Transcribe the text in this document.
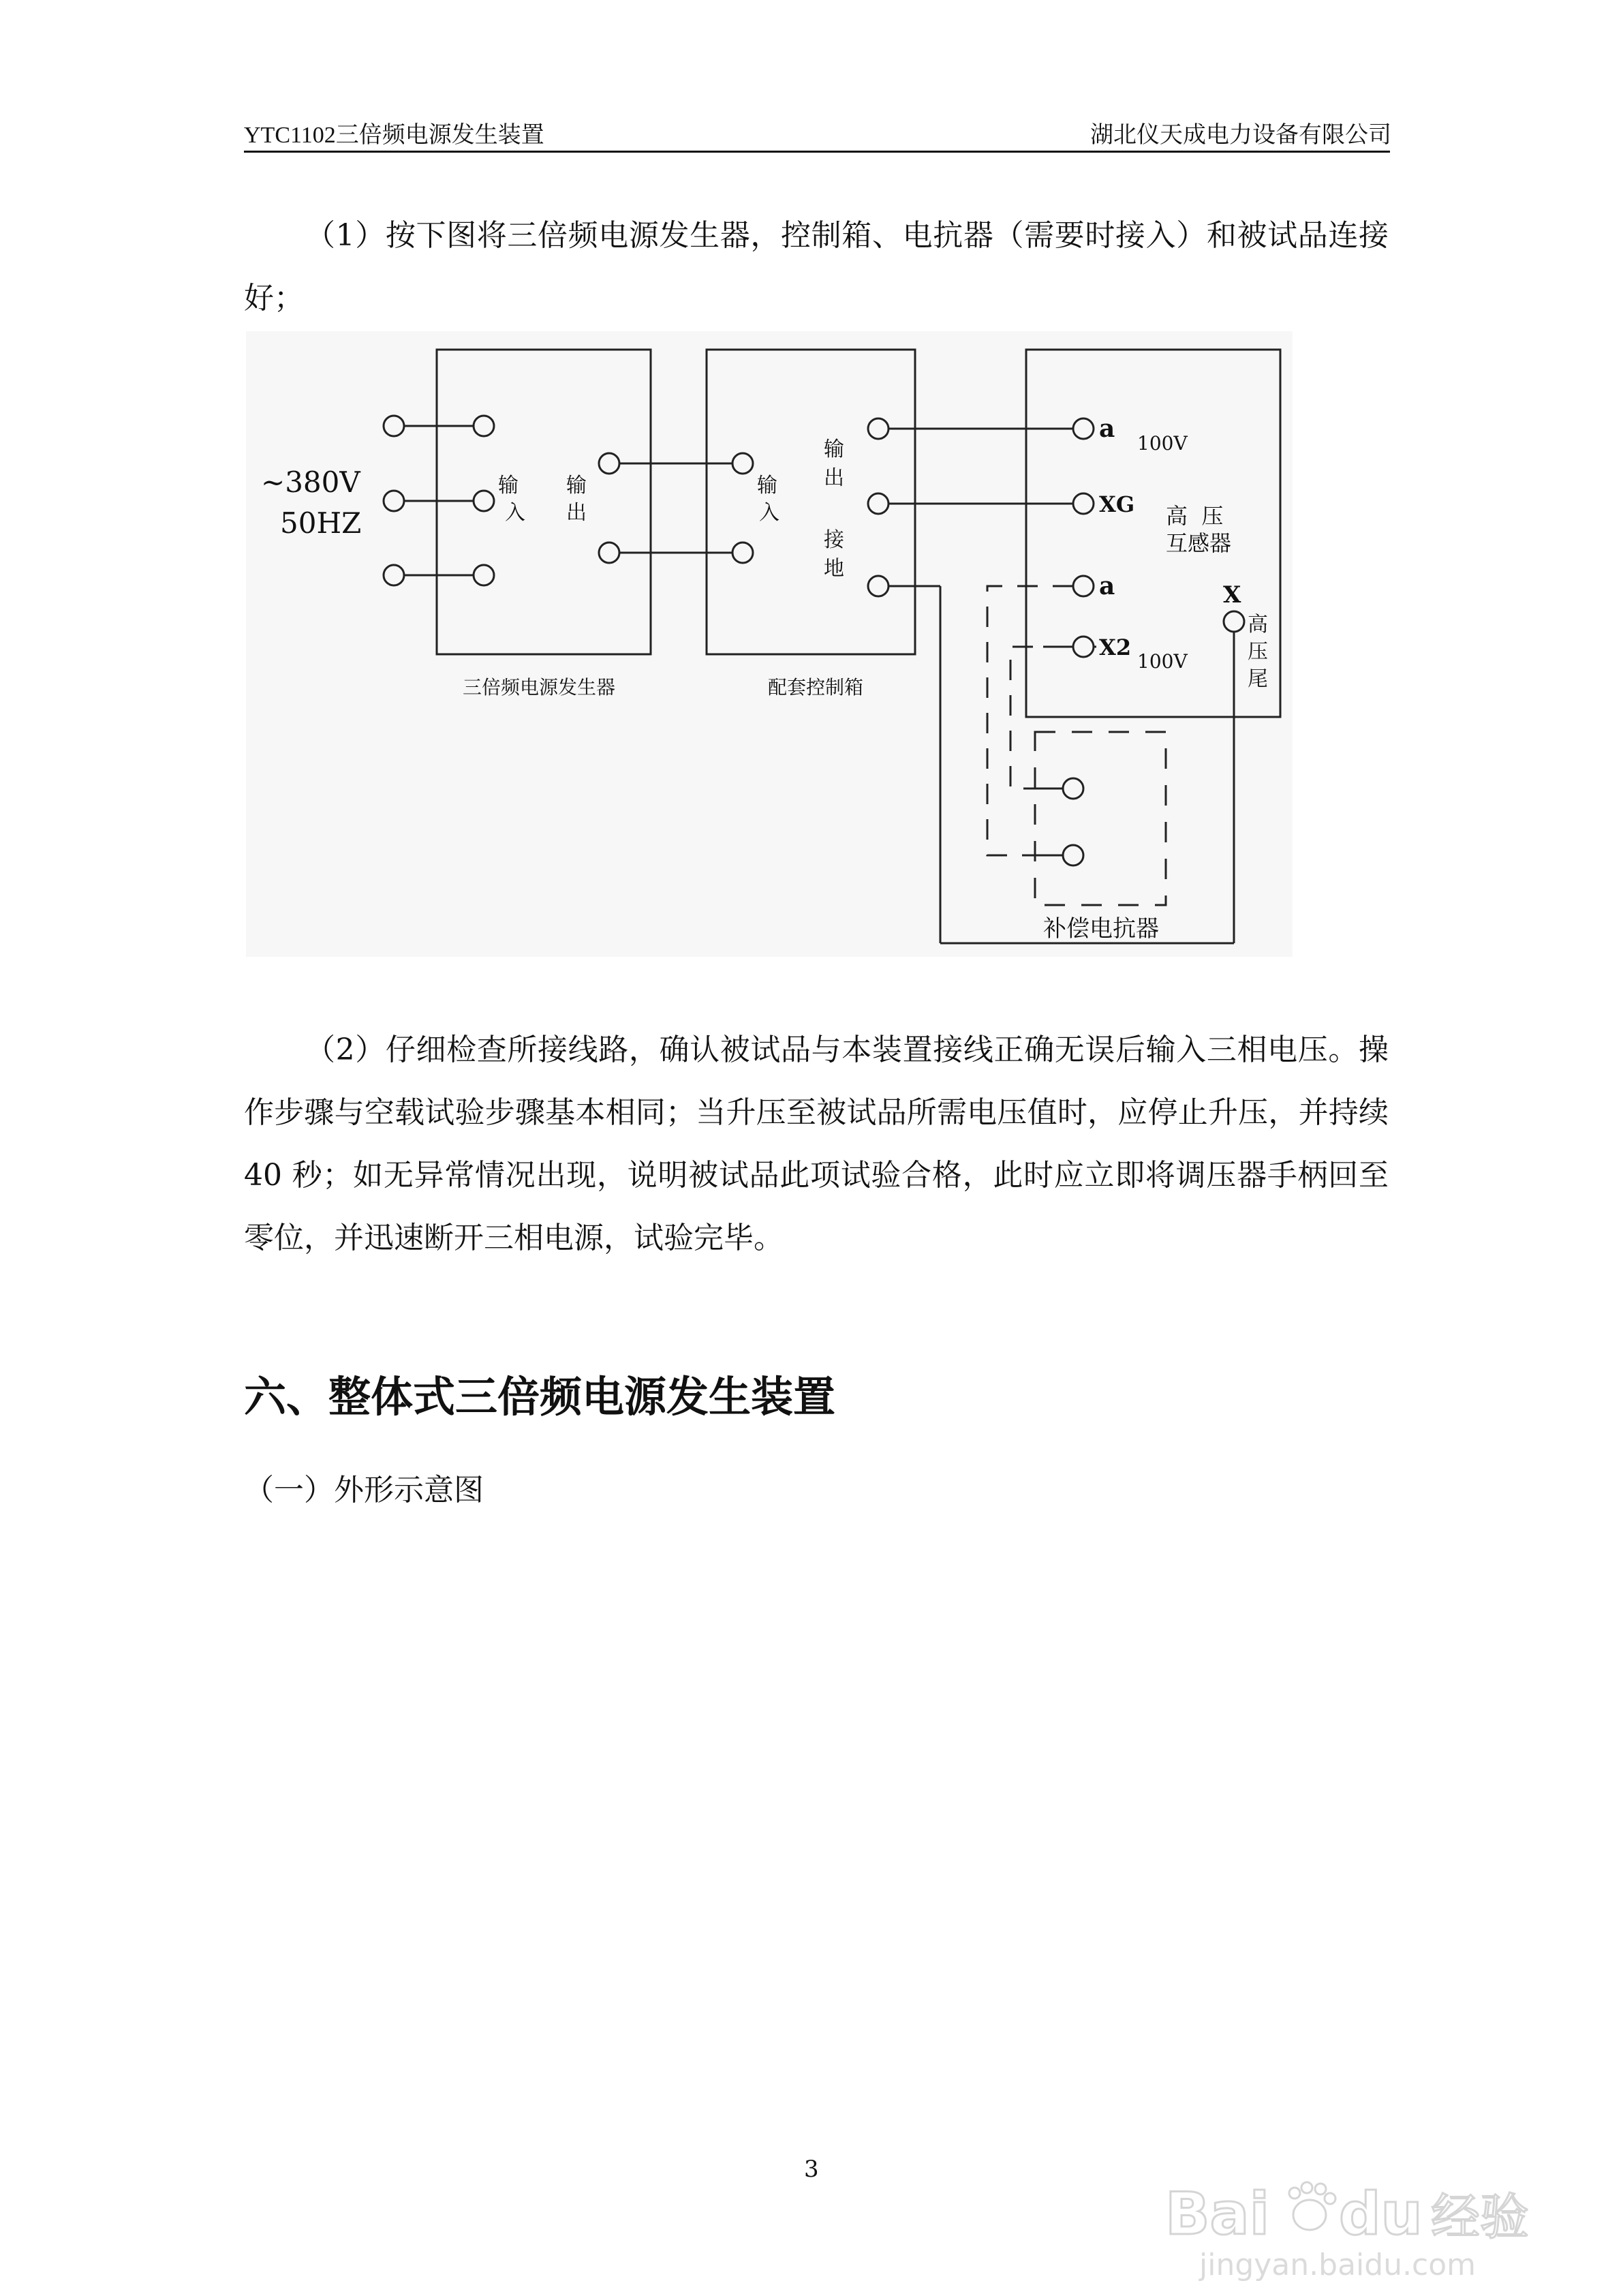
YTC1102三倍频电源发生装置	湖北仪天成电力设备有限公司
（1）按下图将三倍频电源发生器，控制箱、电抗器（需要时接入）和被试品连接好；
~380V
50HZ
输
入
输
出
三倍频电源发生器
输
入
输
出
接
地
配套控制箱
a
XG
a
X2
X
100V
100V
高  压
互感器
高
压
尾
补偿电抗器
（2）仔细检查所接线路，确认被试品与本装置接线正确无误后输入三相电压。操作步骤与空载试验步骤基本相同；当升压至被试品所需电压值时，应停止升压，并持续 40 秒；如无异常情况出现，说明被试品此项试验合格，此时应立即将调压器手柄回至零位，并迅速断开三相电源，试验完毕。
六、整体式三倍频电源发生装置
（一）外形示意图
3
Bai du 经验
jingyan.baidu.com
